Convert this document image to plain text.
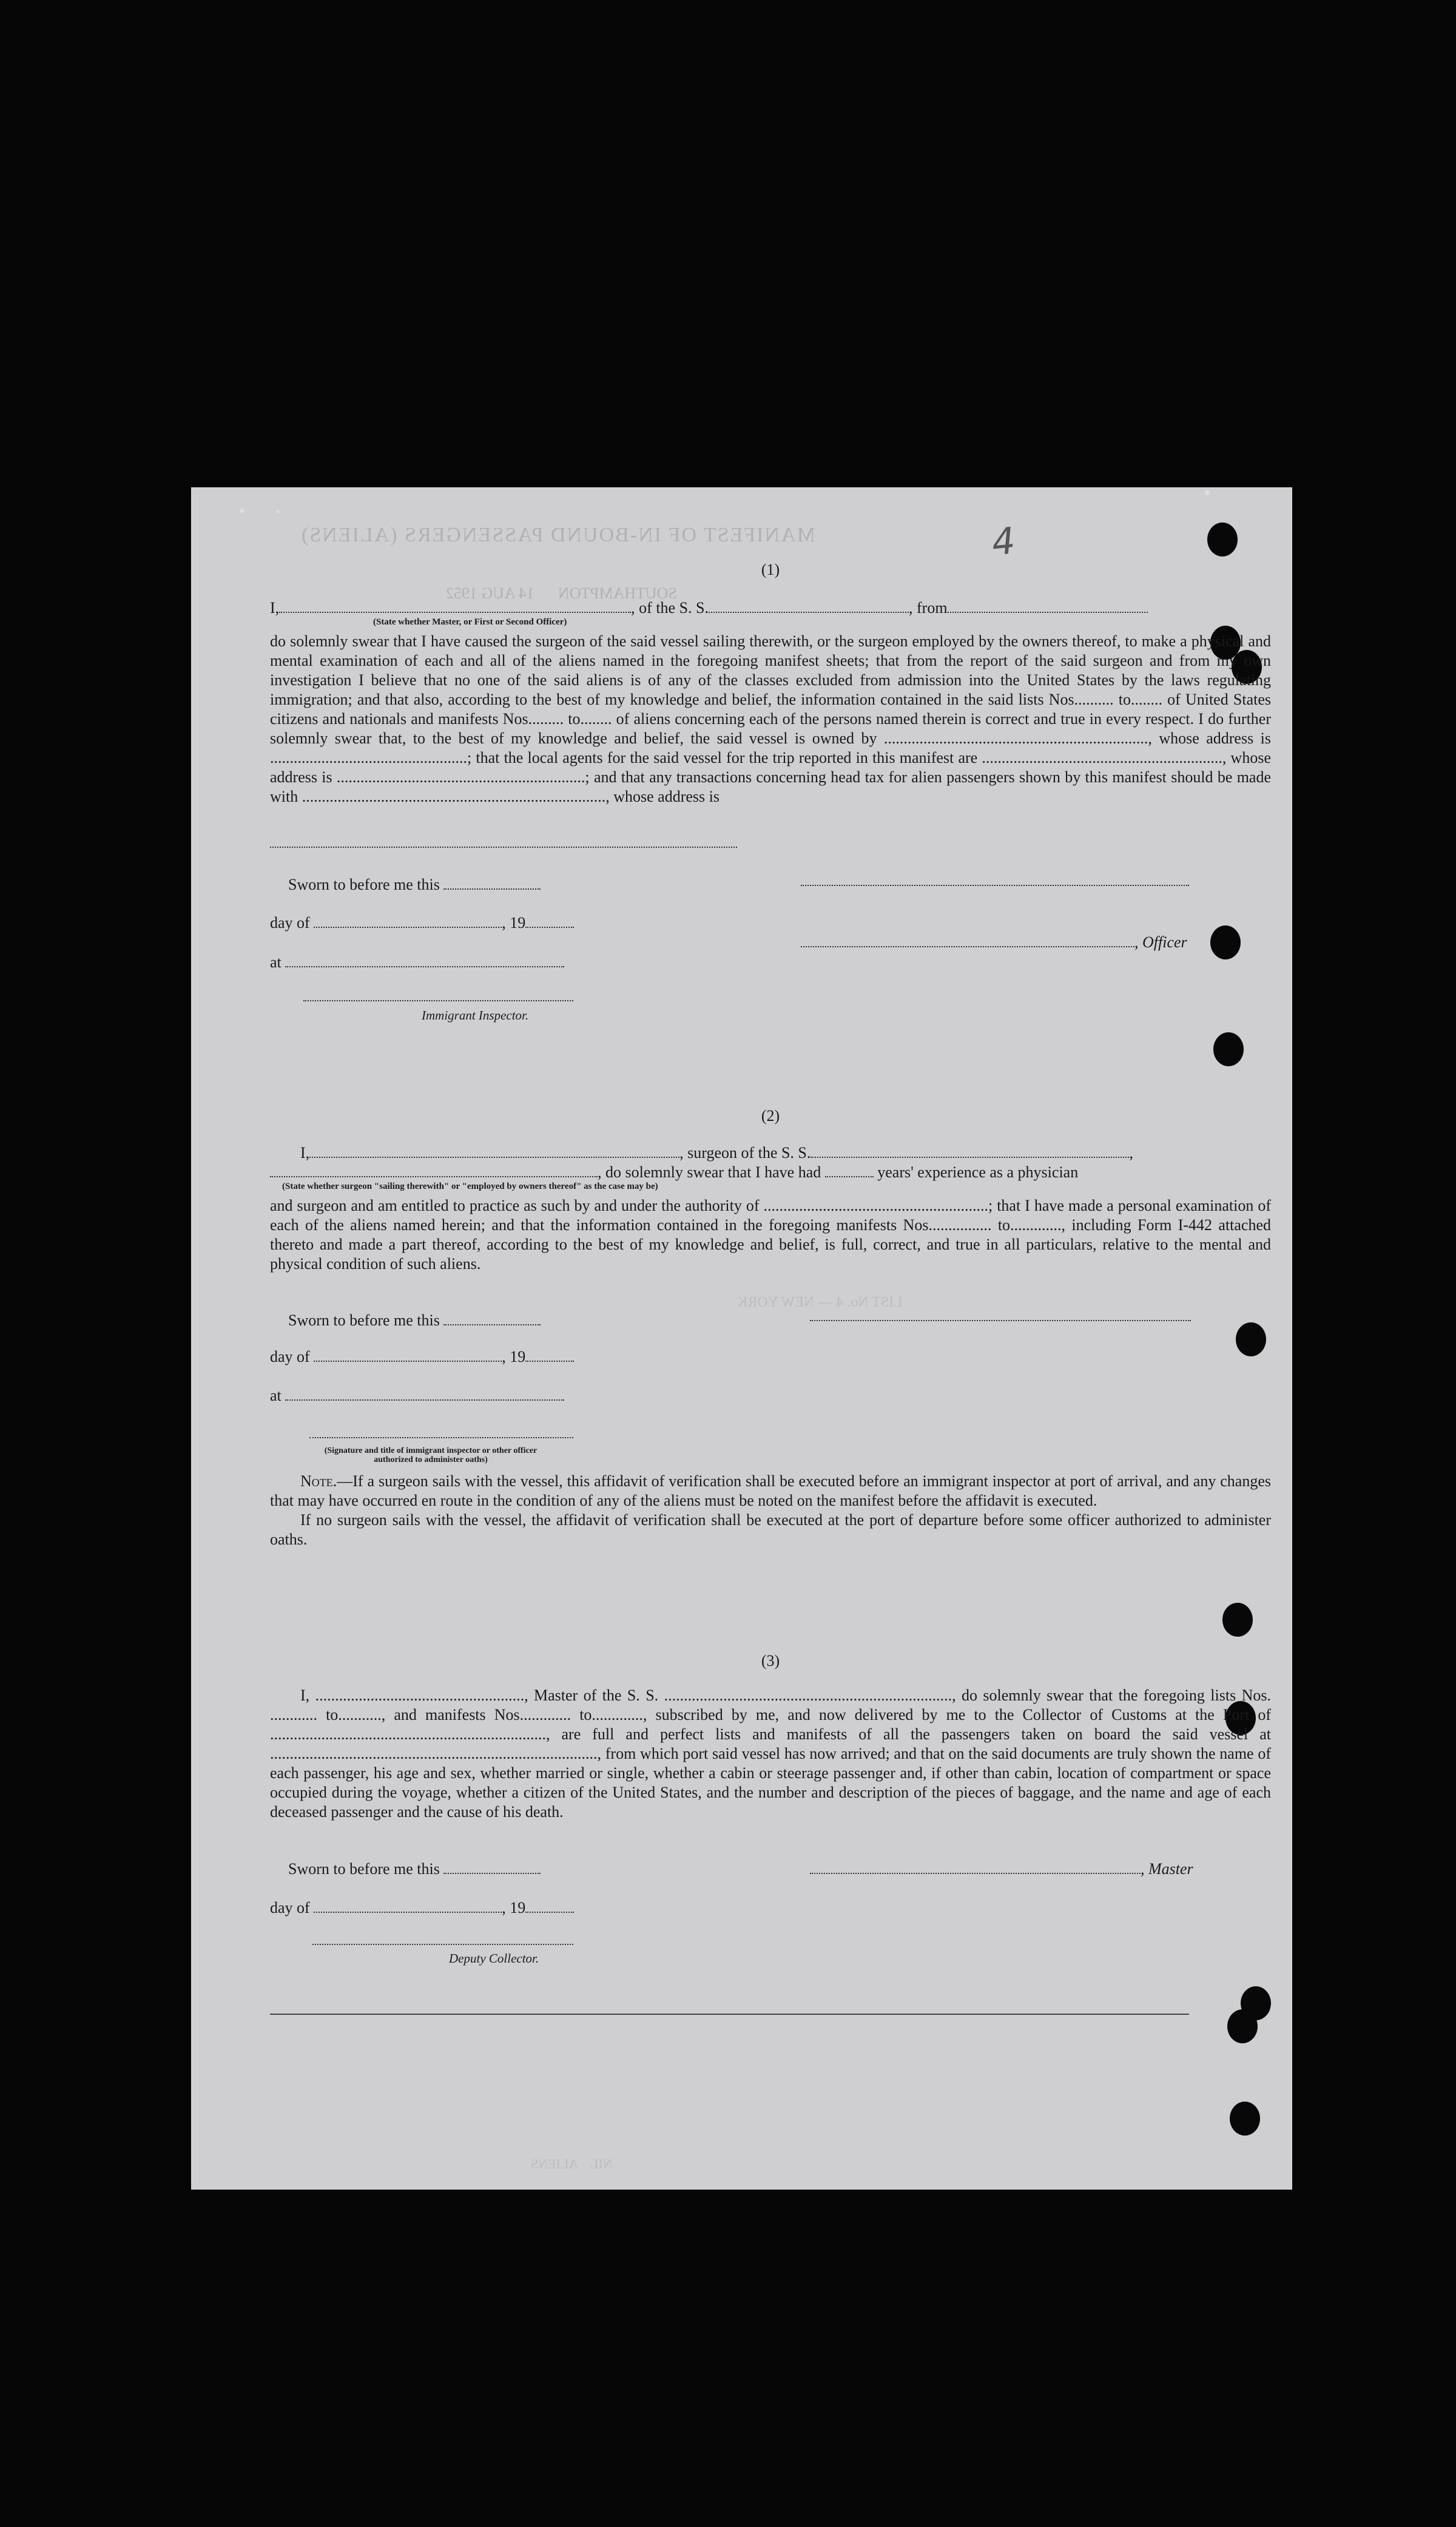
MANIFEST OF IN-BOUND PASSENGERS (ALIENS)
SOUTHAMPTON      14 AUG 1952
LIST No. 4 — NEW YORK
4
(1)
I,	, of the S. S.	, from
(State whether Master, or First or Second Officer)

do solemnly swear that I have caused the surgeon of the said vessel sailing therewith, or the surgeon employed by the owners thereof, to make a physical and mental examination of each and all of the aliens named in the foregoing manifest sheets; that from the report of the said surgeon and from my own investigation I believe that no one of the said aliens is of any of the classes excluded from admission into the United States by the laws regulating immigration; and that also, according to the best of my knowledge and belief, the information contained in the said lists Nos.......... to........ of United States citizens and nationals and manifests Nos......... to........ of aliens concerning each of the persons named therein is correct and true in every respect. I do further solemnly swear that, to the best of my knowledge and belief, the said vessel is owned by ..................................................................., whose address is ..................................................; that the local agents for the said vessel for the trip reported in this manifest are ............................................................., whose address is ...............................................................; and that any transactions concerning head tax for alien passengers shown by this manifest should be made with ............................................................................., whose address is

Sworn to before me this
day of	, 19
, Officer
at
Immigrant Inspector.
(2)
I,	, surgeon of the S. S.	,
, do solemnly swear that I have had	years' experience as a physician
(State whether surgeon "sailing therewith" or "employed by owners thereof" as the case may be)

and surgeon and am entitled to practice as such by and under the authority of .........................................................; that I have made a personal examination of each of the aliens named herein; and that the information contained in the foregoing manifests Nos................ to............., including Form I-442 attached thereto and made a part thereof, according to the best of my knowledge and belief, is full, correct, and true in all particulars, relative to the mental and physical condition of such aliens.

Sworn to before me this
day of	, 19
at
(Signature and title of immigrant inspector or other officer authorized to administer oaths)

Note.—If a surgeon sails with the vessel, this affidavit of verification shall be executed before an immigrant inspector at port of arrival, and any changes that may have occurred en route in the condition of any of the aliens must be noted on the manifest before the affidavit is executed.

If no surgeon sails with the vessel, the affidavit of verification shall be executed at the port of departure before some officer authorized to administer oaths.

(3)

I, ....................................................., Master of the S. S. ........................................................................., do solemnly swear that the foregoing lists Nos. ............ to..........., and manifests Nos............. to............., subscribed by me, and now delivered by me to the Collector of Customs at the Port of ......................................................................, are full and perfect lists and manifests of all the passengers taken on board the said vessel at ..................................................................................., from which port said vessel has now arrived; and that on the said documents are truly shown the name of each passenger, his age and sex, whether married or single, whether a cabin or steerage passenger and, if other than cabin, location of compartment or space occupied during the voyage, whether a citizen of the United States, and the number and description of the pieces of baggage, and the name and age of each deceased passenger and the cause of his death.

Sworn to before me this	, Master
day of	, 19
Deputy Collector.
NIL    ALIENS
